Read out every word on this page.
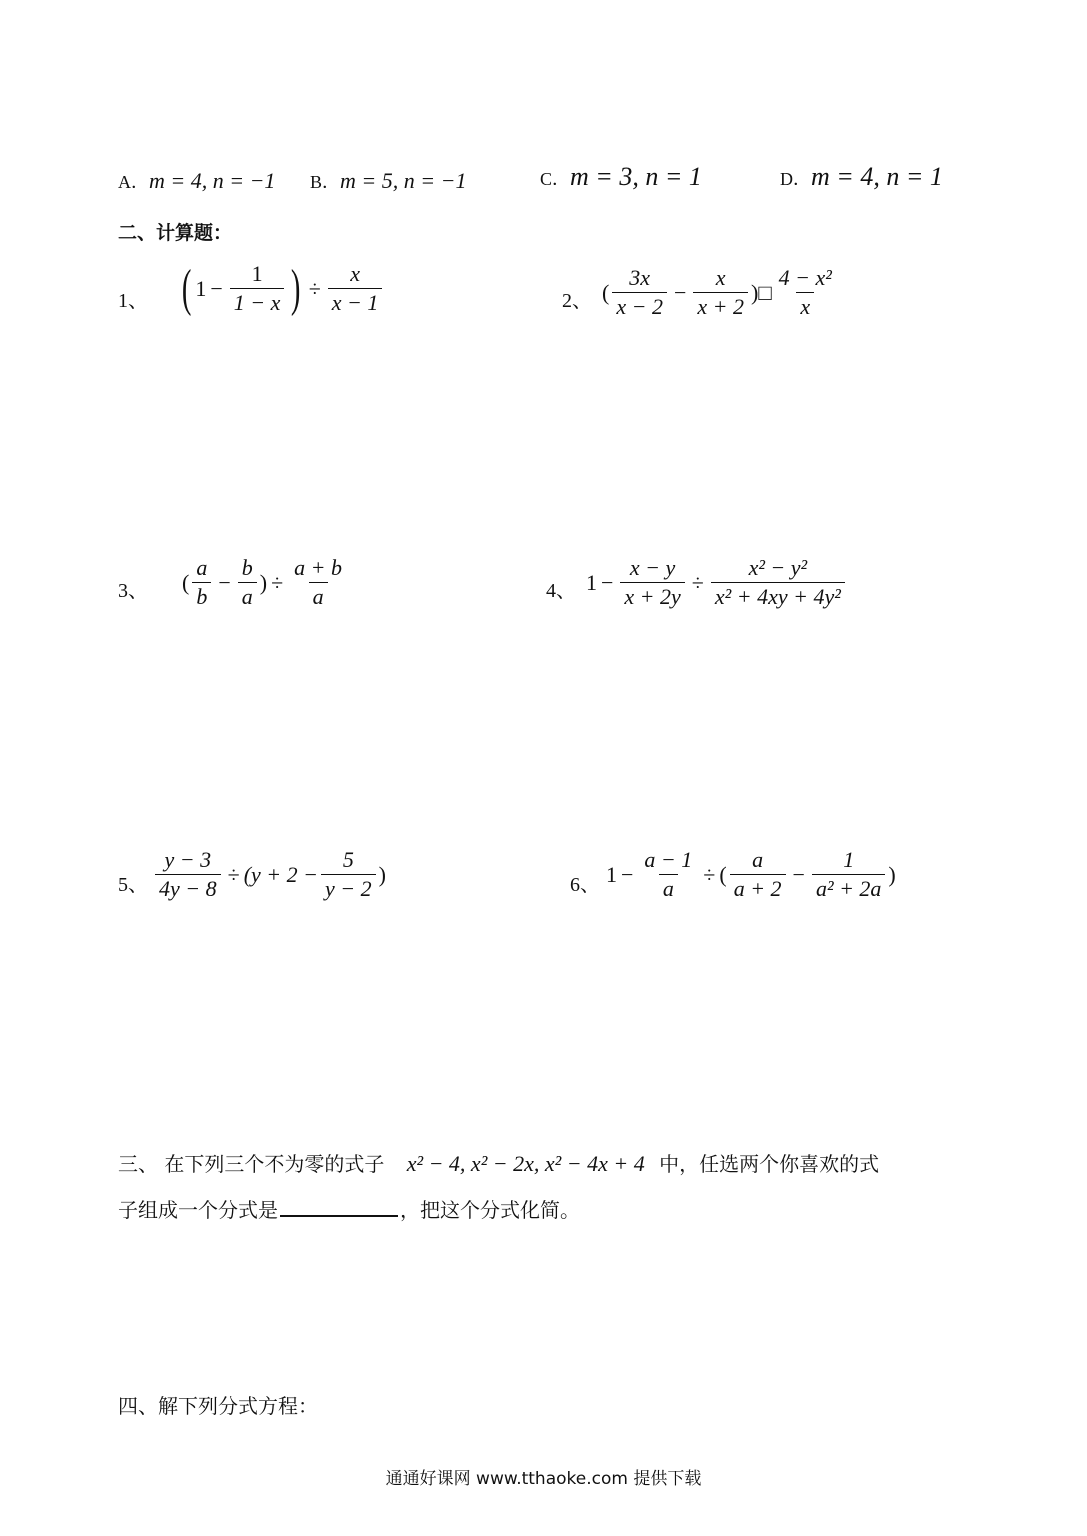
A．m = 4, n = −1 B．m = 5, n = −1	C．m = 3, n = 1	D．m = 4, n = 1
二、计算题：
1、 ( $1 - \frac{1}{1 - x}$ ) ÷ $\frac{x}{x - 1}$	2、 ( $\frac{3x}{x - 2} - \frac{x}{x + 2}$ ) □ $\frac{\text{4 − x²}}{x}$
3、 ( $\frac{a}{b} - \frac{b}{a}$ ) ÷ $\frac{a + b}{a}$	4、 $1 - \frac{x - y}{x + 2y} \div \frac{\text{x² − y²}}{\text{x² + 4xy + 4y²}}$
5、 $\frac{y - 3}{4y - 8} \div (y + 2 - \frac{5}{y - 2}$ )	6、 $1 - \frac{a - 1}{a}$ ÷ ( $\frac{a}{a + 2} - \frac{1}{\text{a² + 2a}}$ )
三、 在下列三个不为零的式子 x² − 4, x² − 2x, x² − 4x + 4 中，任选两个你喜欢的式
子组成一个分式是	，把这个分式化简。
四、解下列分式方程：
通通好课网 www.tthaoke.com 提供下载
